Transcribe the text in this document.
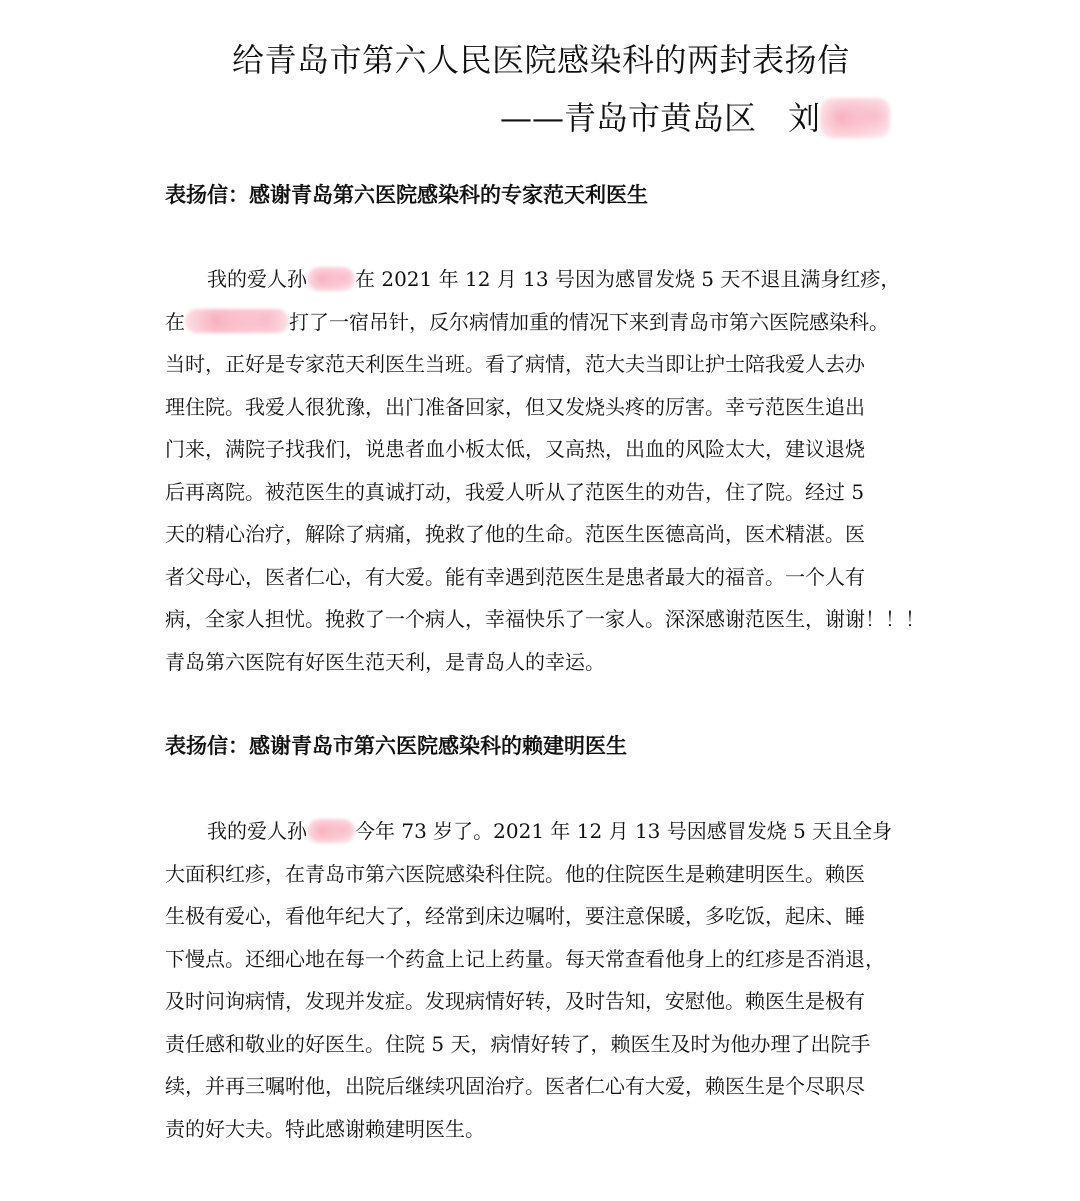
给青岛市第六人民医院感染科的两封表扬信
——青岛市黄岛区　刘
表扬信：感谢青岛第六医院感染科的专家范天利医生
我的爱人孙 在 2021 年 12 月 13 号因为感冒发烧 5 天不退且满身红疹，
在	打了一宿吊针，反尔病情加重的情况下来到青岛市第六医院感染科。
当时，正好是专家范天利医生当班。看了病情，范大夫当即让护士陪我爱人去办
理住院。我爱人很犹豫，出门准备回家，但又发烧头疼的厉害。幸亏范医生追出
门来，满院子找我们，说患者血小板太低，又高热，出血的风险太大，建议退烧
后再离院。被范医生的真诚打动，我爱人听从了范医生的劝告，住了院。经过 5
天的精心治疗，解除了病痛，挽救了他的生命。范医生医德高尚，医术精湛。医
者父母心，医者仁心，有大爱。能有幸遇到范医生是患者最大的福音。一个人有
病，全家人担忧。挽救了一个病人，幸福快乐了一家人。深深感谢范医生，谢谢！！！
青岛第六医院有好医生范天利，是青岛人的幸运。
表扬信：感谢青岛市第六医院感染科的赖建明医生
我的爱人孙 今年 73 岁了。2021 年 12 月 13 号因感冒发烧 5 天且全身
大面积红疹，在青岛市第六医院感染科住院。他的住院医生是赖建明医生。赖医
生极有爱心，看他年纪大了，经常到床边嘱咐，要注意保暖，多吃饭，起床、睡
下慢点。还细心地在每一个药盒上记上药量。每天常查看他身上的红疹是否消退，
及时问询病情，发现并发症。发现病情好转，及时告知，安慰他。赖医生是极有
责任感和敬业的好医生。住院 5 天，病情好转了，赖医生及时为他办理了出院手
续，并再三嘱咐他，出院后继续巩固治疗。医者仁心有大爱，赖医生是个尽职尽
责的好大夫。特此感谢赖建明医生。
